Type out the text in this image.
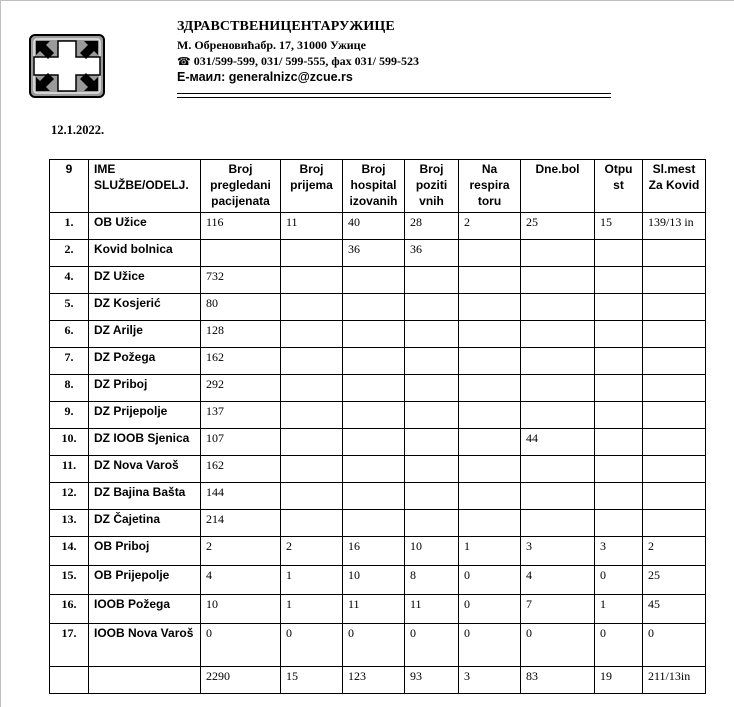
ЗДРАВСТВЕНИЦЕНТАРУЖИЦЕ
М. Обреновићабр. 17, 31000 Ужице
☎ 031/599-599, 031/ 599-555, фах 031/ 599-523
Е-маил: generalnizc@zcue.rs
12.1.2022.
9	IME SLUŽBE/ODELJ.	Broj pregledani pacijenata	Broj prijema	Broj hospital izovanih	Broj poziti vnih	Na respira toru	Dne.bol	Otpu st	Sl.mest Za Kovid
1.	OB Užice	116	11	40	28	2	25	15	139/13 in
2.	Kovid bolnica			36	36				
4.	DZ Užice	732							
5.	DZ Kosjerić	80							
6.	DZ Arilje	128							
7.	DZ Požega	162							
8.	DZ Priboj	292							
9.	DZ Prijepolje	137							
10.	DZ IOOB Sjenica	107					44		
11.	DZ Nova Varoš	162							
12.	DZ Bajina Bašta	144							
13.	DZ Čajetina	214							
14.	OB Priboj	2	2	16	10	1	3	3	2
15.	OB Prijepolje	4	1	10	8	0	4	0	25
16.	IOOB Požega	10	1	11	11	0	7	1	45
17.	IOOB Nova Varoš	0	0	0	0	0	0	0	0
		2290	15	123	93	3	83	19	211/13in
